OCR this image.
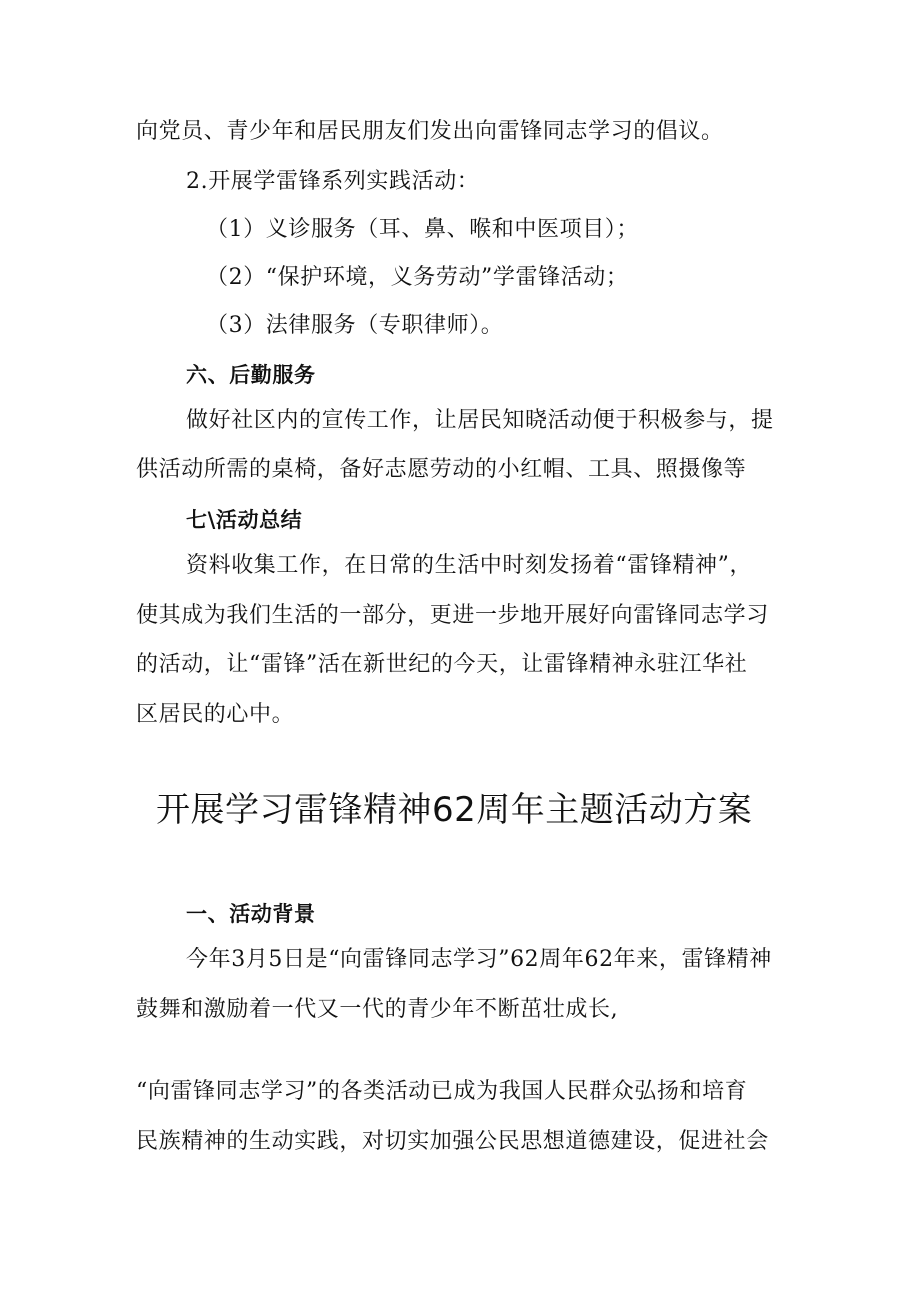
向党员、青少年和居民朋友们发出向雷锋同志学习的倡议。
2.开展学雷锋系列实践活动：
（1）义诊服务（耳、鼻、喉和中医项目）；
（2）“保护环境，义务劳动”学雷锋活动；
（3）法律服务（专职律师）。
六、后勤服务
做好社区内的宣传工作，让居民知晓活动便于积极参与，提
供活动所需的桌椅，备好志愿劳动的小红帽、工具、照摄像等
七\活动总结
资料收集工作，在日常的生活中时刻发扬着“雷锋精神”，
使其成为我们生活的一部分，更进一步地开展好向雷锋同志学习
的活动，让“雷锋”活在新世纪的今天，让雷锋精神永驻江华社
区居民的心中。
开展学习雷锋精神62周年主题活动方案
一、活动背景
今年3月5日是“向雷锋同志学习”62周年62年来，雷锋精神
鼓舞和激励着一代又一代的青少年不断茁壮成长,
“向雷锋同志学习”的各类活动已成为我国人民群众弘扬和培育
民族精神的生动实践，对切实加强公民思想道德建设，促进社会
